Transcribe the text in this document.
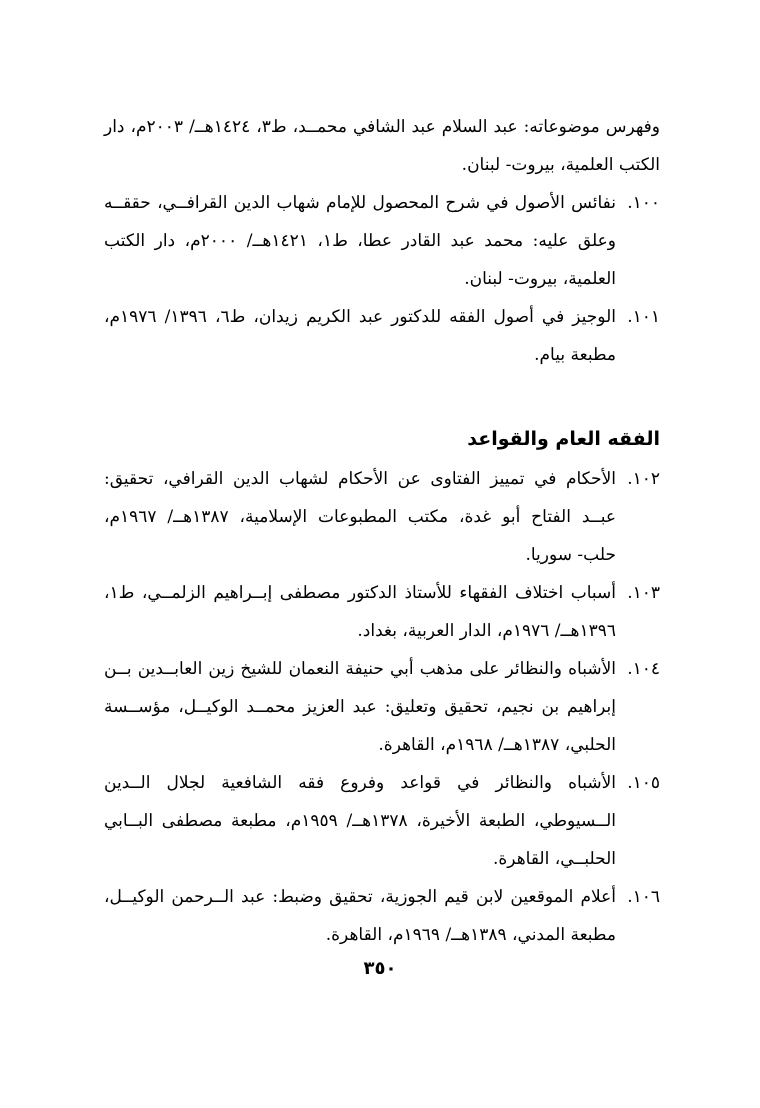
وفهرس موضوعاته: عبد السلام عبد الشافي محمــد، ط٣، ١٤٢٤هــ/ ٢٠٠٣م، دار الكتب العلمية، بيروت- لبنان.

١٠٠.
نفائس الأصول في شرح المحصول للإمام شهاب الدين القرافــي، حققــه وعلق عليه: محمد عبد القادر عطا، ط١، ١٤٢١هــ/ ٢٠٠٠م، دار الكتب العلمية، بيروت- لبنان.

١٠١.
الوجيز في أصول الفقه للدكتور عبد الكريم زيدان، ط٦، ١٣٩٦/ ١٩٧٦م، مطبعة بيام.

الفقه العام والقواعد

١٠٢.
الأحكام في تمييز الفتاوى عن الأحكام لشهاب الدين القرافي، تحقيق: عبــد الفتاح أبو غدة، مكتب المطبوعات الإسلامية، ١٣٨٧هــ/ ١٩٦٧م، حلب- سوريا.

١٠٣.
أسباب اختلاف الفقهاء للأستاذ الدكتور مصطفى إبــراهيم الزلمــي، ط١، ١٣٩٦هــ/ ١٩٧٦م، الدار العربية، بغداد.

١٠٤.
الأشباه والنظائر على مذهب أبي حنيفة النعمان للشيخ زين العابــدين بــن إبراهيم بن نجيم، تحقيق وتعليق: عبد العزيز محمــد الوكيــل، مؤســسة الحلبي، ١٣٨٧هــ/ ١٩٦٨م، القاهرة.

١٠٥.
الأشباه والنظائر في قواعد وفروع فقه الشافعية لجلال الــدين الــسيوطي، الطبعة الأخيرة، ١٣٧٨هــ/ ١٩٥٩م، مطبعة مصطفى البــابي الحلبــي، القاهرة.

١٠٦.
أعلام الموقعين لابن قيم الجوزية، تحقيق وضبط: عبد الــرحمن الوكيــل، مطبعة المدني، ١٣٨٩هــ/ ١٩٦٩م، القاهرة.

٣٥٠
